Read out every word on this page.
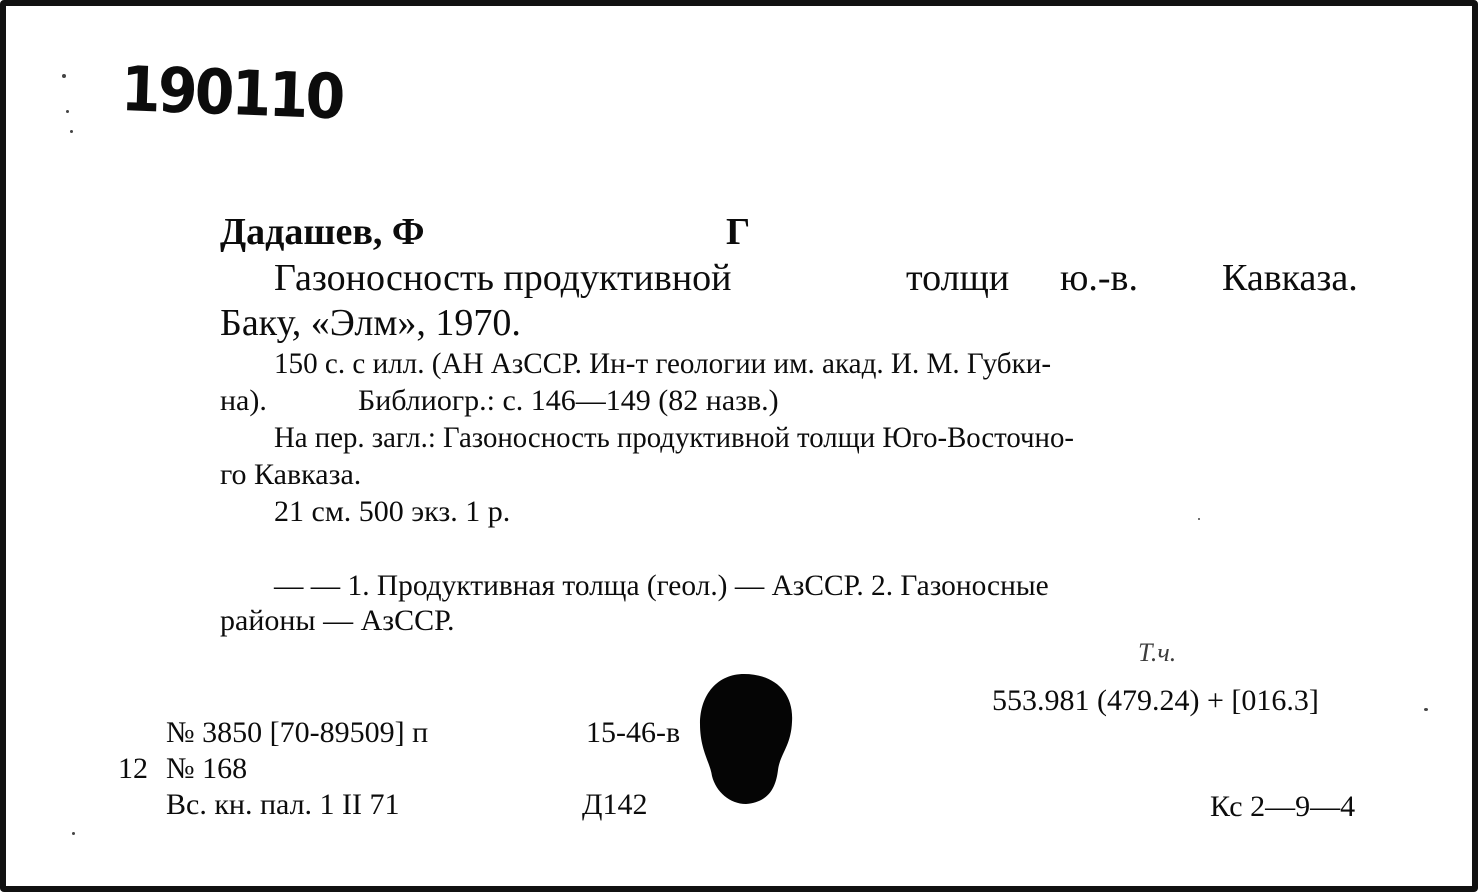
190110
Дадашев, Ф	Г
Газоносность продуктивной	толщи ю.-в. Кавказа.
Баку, «Элм», 1970.
150 с. с илл. (АН АзССР. Ин-т геологии им. акад. И. М. Губки-
на).	Библиогр.: с. 146—149 (82 назв.)
На пер. загл.: Газоносность продуктивной толщи Юго-Восточно-
го Кавказа.
21 см. 500 экз. 1 р.
— — 1. Продуктивная толща (геол.) — АзССР. 2. Газоносные
районы — АзССР.
Т.ч.
553.981 (479.24) + [016.3]
№ 3850 [70-89509] п	15-46-в
12 № 168
Вс. кн. пал. 1 II 71	Д142	Кс 2—9—4
